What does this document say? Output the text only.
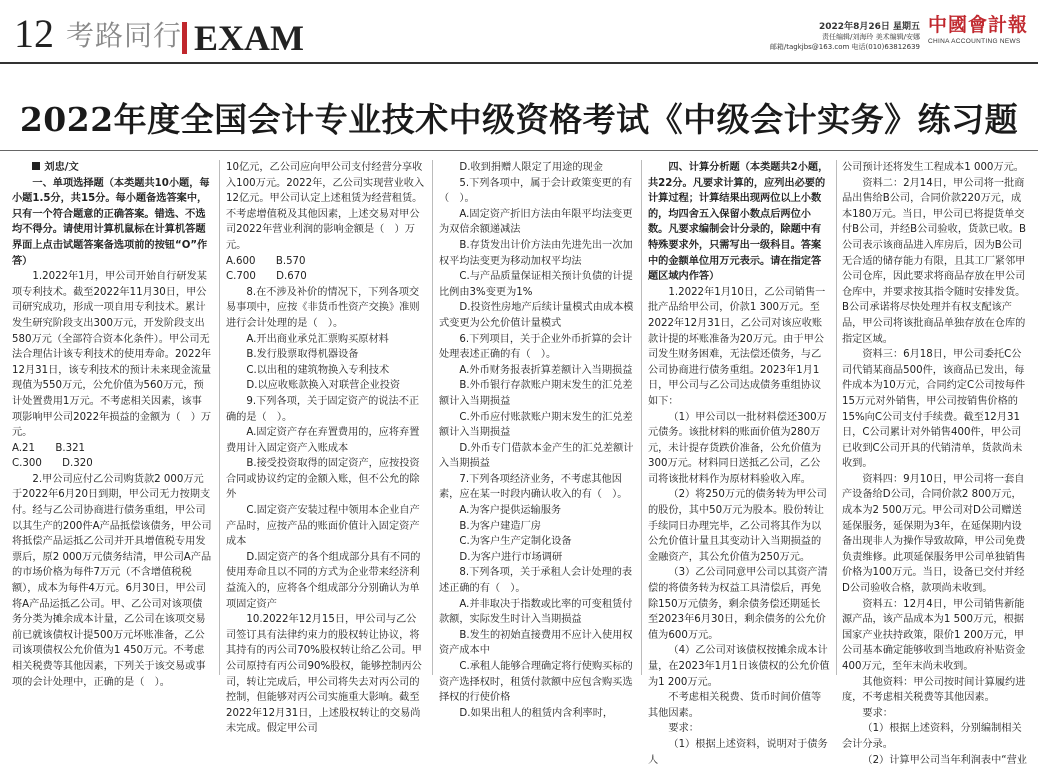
12 考路同行 EXAM	2022年8月26日 星期五
责任编辑/刘海玲 美术编辑/安娜
邮箱/tagkjbs@163.com 电话(010)63812639
中國會計報
CHINA ACCOUNTING NEWS
2022年度全国会计专业技术中级资格考试《中级会计实务》练习题

刘忠/文

一、单项选择题（本类题共10小题，每小题1.5分，共15分。每小题备选答案中，只有一个符合题意的正确答案。错选、不选均不得分。请使用计算机鼠标在计算机答题界面上点击试题答案备选项前的按钮“O”作答）

1.2022年1月，甲公司开始自行研发某项专利技术。截至2022年11月30日，甲公司研究成功，形成一项自用专利技术。累计发生研究阶段支出300万元，开发阶段支出580万元（全部符合资本化条件）。甲公司无法合理估计该专利技术的使用寿命。2022年12月31日，该专利技术的预计未来现金流量现值为550万元，公允价值为560万元，预计处置费用1万元。不考虑相关因素，该事项影响甲公司2022年损益的金额为（　）万元。

A.21　　B.321

C.300　　D.320

2.甲公司应付乙公司购货款2 000万元于2022年6月20日到期，甲公司无力按期支付。经与乙公司协商进行债务重组，甲公司以其生产的200件A产品抵偿该债务，甲公司将抵偿产品运抵乙公司并开具增值税专用发票后，原2 000万元债务结清，甲公司A产品的市场价格为每件7万元（不含增值税税额），成本为每件4万元。6月30日，甲公司将A产品运抵乙公司。甲、乙公司对该项债务分类为摊余成本计量，乙公司在该项交易前已就该债权计提500万元坏账准备，乙公司该项债权公允价值为1 450万元。不考虑相关税费等其他因素，下列关于该交易或事项的会计处理中，正确的是（　）。

10亿元，乙公司应向甲公司支付经营分享收入100万元。2022年，乙公司实现营业收入12亿元。甲公司认定上述租赁为经营租赁。不考虑增值税及其他因素，上述交易对甲公司2022年营业利润的影响金额是（　）万元。

A.600　　B.570

C.700　　D.670

8.在不涉及补价的情况下，下列各项交易事项中，应按《非货币性资产交换》准则进行会计处理的是（　）。

A.开出商业承兑汇票购买原材料

B.发行股票取得机器设备

C.以出租的建筑物换入专利技术

D.以应收账款换入对联营企业投资

9.下列各项，关于固定资产的说法不正确的是（　）。

A.固定资产存在弃置费用的，应将弃置费用计入固定资产入账成本

B.接受投资取得的固定资产，应按投资合同或协议约定的金额入账，但不公允的除外

C.固定资产安装过程中领用本企业自产产品时，应按产品的账面价值计入固定资产成本

D.固定资产的各个组成部分具有不同的使用寿命且以不同的方式为企业带来经济利益流入的，应将各个组成部分分别确认为单项固定资产

10.2022年12月15日，甲公司与乙公司签订具有法律约束力的股权转让协议，将其持有的丙公司70%股权转让给乙公司。甲公司原持有丙公司90%股权，能够控制丙公司，转让完成后，甲公司将失去对丙公司的控制，但能够对丙公司实施重大影响。截至2022年12月31日，上述股权转让的交易尚未完成。假定甲公司

D.收到捐赠人限定了用途的现金

5.下列各项中，属于会计政策变更的有（　）。

A.固定资产折旧方法由年限平均法变更为双倍余额递减法

B.存货发出计价方法由先进先出一次加权平均法变更为移动加权平均法

C.与产品质量保证相关预计负债的计提比例由3%变更为1%

D.投资性房地产后续计量模式由成本模式变更为公允价值计量模式

6.下列项目，关于企业外币折算的会计处理表述正确的有（　）。

A.外币财务报表折算差额计入当期损益

B.外币银行存款账户期末发生的汇兑差额计入当期损益

C.外币应付账款账户期末发生的汇兑差额计入当期损益

D.外币专门借款本金产生的汇兑差额计入当期损益

7.下列各项经济业务，不考虑其他因素，应在某一时段内确认收入的有（　）。

A.为客户提供运输服务

B.为客户建造厂房

C.为客户生产定制化设备

D.为客户进行市场调研

8.下列各项，关于承租人会计处理的表述正确的有（　）。

A.并非取决于指数或比率的可变租赁付款额，实际发生时计入当期损益

B.发生的初始直接费用不应计入使用权资产成本中

C.承租人能够合理确定将行使购买标的资产选择权时，租赁付款额中应包含购买选择权的行使价格

D.如果出租人的租赁内含利率时，

四、计算分析题（本类题共2小题，共22分。凡要求计算的，应列出必要的计算过程；计算结果出现两位以上小数的，均四舍五入保留小数点后两位小数。凡要求编制会计分录的，除题中有特殊要求外，只需写出一级科目。答案中的金额单位用万元表示。请在指定答题区域内作答）

1.2022年1月10日，乙公司销售一批产品给甲公司，价款1 300万元。至2022年12月31日，乙公司对该应收账款计提的坏账准备为20万元。由于甲公司发生财务困难，无法偿还债务，与乙公司协商进行债务重组。2023年1月1日，甲公司与乙公司达成债务重组协议如下：

（1）甲公司以一批材料偿还300万元债务。该批材料的账面价值为280万元，未计提存货跌价准备，公允价值为300万元。材料同日送抵乙公司，乙公司将该批材料作为原材料验收入库。

（2）将250万元的债务转为甲公司的股份，其中50万元为股本。股份转让手续同日办理完毕，乙公司将其作为以公允价值计量且其变动计入当期损益的金融资产，其公允价值为250万元。

（3）乙公司同意甲公司以其资产清偿的将债务转为权益工具清偿后，再免除150万元债务，剩余债务偿还期延长至2023年6月30日，剩余债务的公允价值为600万元。

（4）乙公司对该债权按摊余成本计量，在2023年1月1日该债权的公允价值为1 200万元。

不考虑相关税费、货币时间价值等其他因素。

要求：

（1）根据上述资料，说明对于债务人

公司预计还将发生工程成本1 000万元。

资料二：2月14日，甲公司将一批商品出售给B公司，合同价款220万元，成本180万元。当日，甲公司已将提货单交付B公司，并经B公司验收，货款已收。B公司表示该商品进入库房后，因为B公司无合适的储存能力有限，且其工厂紧邻甲公司仓库，因此要求将商品存放在甲公司仓库中，并要求按其指令随时安排发货。B公司承诺将尽快处理并有权支配该产品，甲公司将该批商品单独存放在仓库的指定区域。

资料三：6月18日，甲公司委托C公司代销某商品500件，该商品已发出，每件成本为10万元，合同约定C公司按每件15万元对外销售，甲公司按销售价格的15%向C公司支付手续费。截至12月31日，C公司累计对外销售400件，甲公司已收到C公司开具的代销清单，货款尚未收到。

资料四：9月10日，甲公司将一套自产设备给D公司，合同价款2 800万元，成本为2 500万元。甲公司对D公司赠送延保服务，延保期为3年，在延保期内设备出现非人为操作导致故障，甲公司免费负责维修。此项延保服务甲公司单独销售价格为100万元。当日，设备已交付并经D公司验收合格，款项尚未收到。

资料五：12月4日，甲公司销售新能源产品，该产品成本为1 500万元，根据国家产业扶持政策，限价1 200万元，甲公司基本确定能够收到当地政府补贴资金400万元，至年末尚未收到。

其他资料：甲公司按时间计算履约进度，不考虑相关税费等其他因素。

要求：

（1）根据上述资料，分别编制相关会计分录。

（2）计算甲公司当年利润表中“营业
